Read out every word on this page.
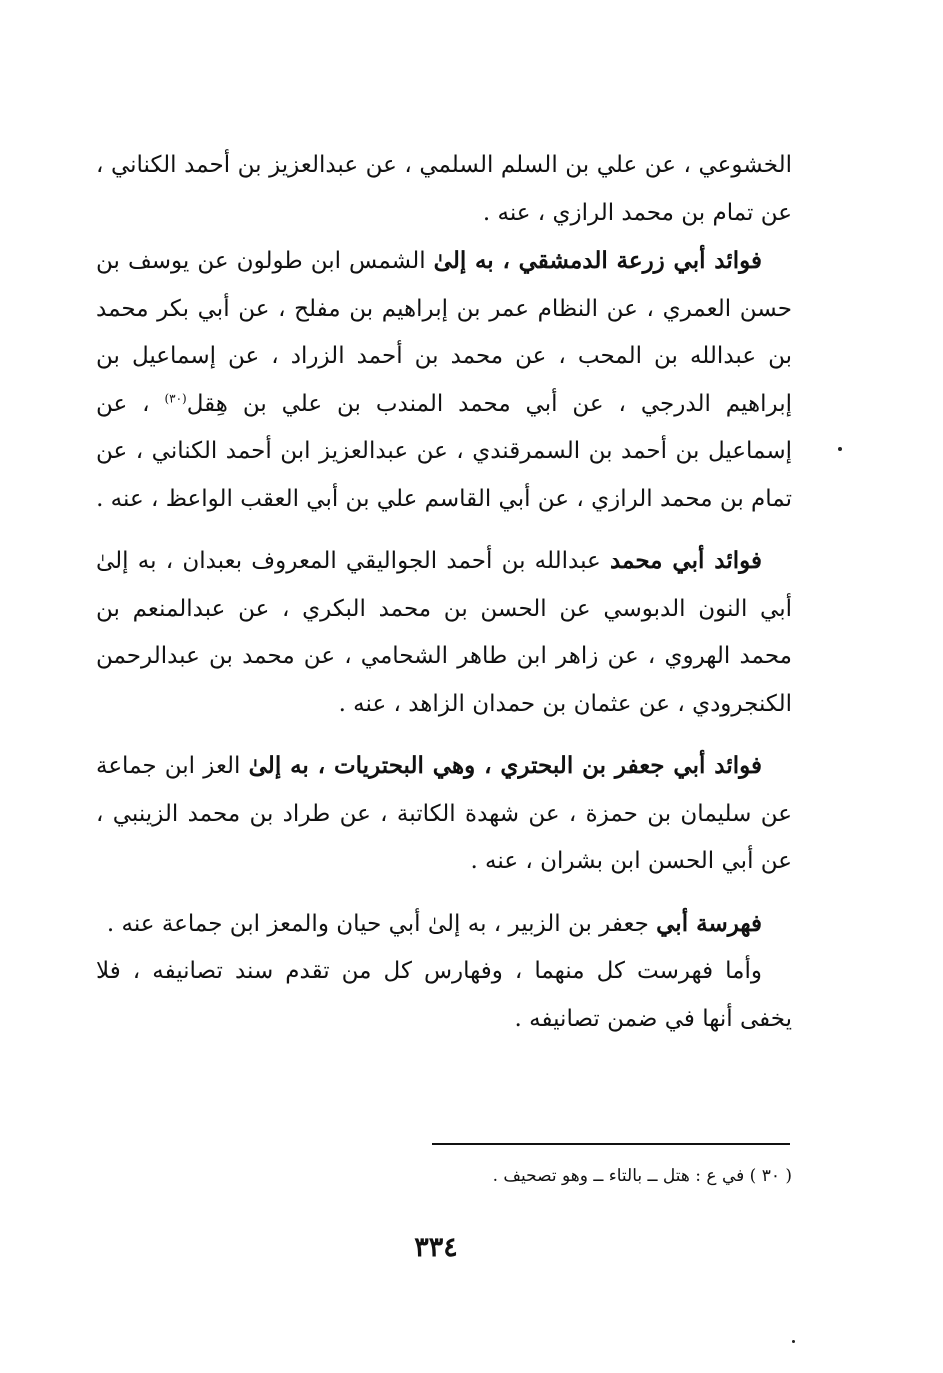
الخشوعي ، عن علي بن السلم السلمي ، عن عبدالعزيز بن أحمد الكناني ، عن تمام بن محمد الرازي ، عنه .

فوائد أبي زرعة الدمشقي ، به إلىٰ الشمس ابن طولون عن يوسف بن حسن العمري ، عن النظام عمر بن إبراهيم بن مفلح ، عن أبي بكر محمد بن عبدالله بن المحب ، عن محمد بن أحمد الزراد ، عن إسماعيل بن إبراهيم الدرجي ، عن أبي محمد المندب بن علي بن هِقل$^{(٣٠)}$ ، عن إسماعيل بن أحمد بن السمرقندي ، عن عبدالعزيز ابن أحمد الكناني ، عن تمام بن محمد الرازي ، عن أبي القاسم علي بن أبي العقب الواعظ ، عنه .

فوائد أبي محمد عبدالله بن أحمد الجواليقي المعروف بعبدان ، به إلىٰ أبي النون الدبوسي عن الحسن بن محمد البكري ، عن عبدالمنعم بن محمد الهروي ، عن زاهر ابن طاهر الشحامي ، عن محمد بن عبدالرحمن الكنجرودي ، عن عثمان بن حمدان الزاهد ، عنه .

فوائد أبي جعفر بن البحتري ، وهي البحتريات ، به إلىٰ العز ابن جماعة عن سليمان بن حمزة ، عن شهدة الكاتبة ، عن طراد بن محمد الزينبي ، عن أبي الحسن ابن بشران ، عنه .

فهرسة أبي جعفر بن الزبير ، به إلىٰ أبي حيان والمعز ابن جماعة عنه .

وأما فهرست كل منهما ، وفهارس كل من تقدم سند تصانيفه ، فلا يخفى أنها في ضمن تصانيفه .

( ٣٠ ) في ع : هتل ــ بالتاء ــ وهو تصحيف .
٣٣٤
